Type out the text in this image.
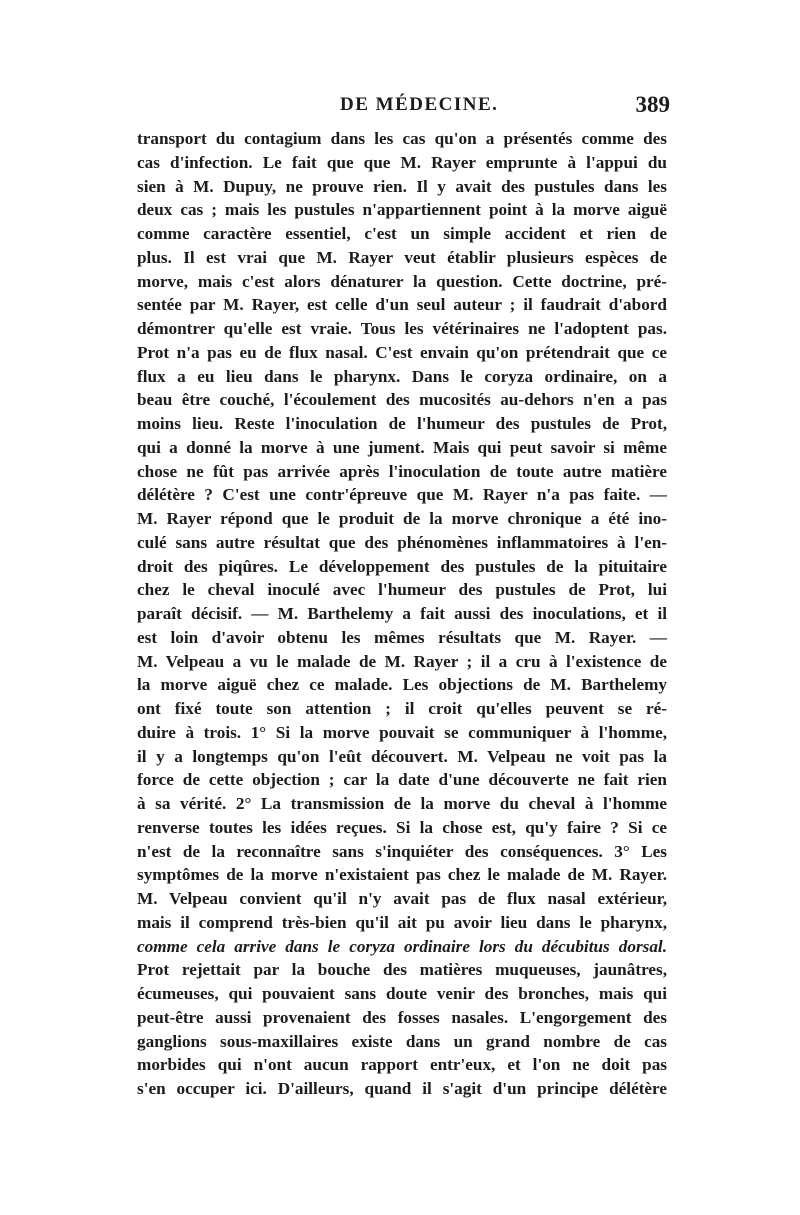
DE MÉDECINE.	389
transport du contagium dans les cas qu'on a présentés comme des
cas d'infection. Le fait que que M. Rayer emprunte à l'appui du
sien à M. Dupuy, ne prouve rien. Il y avait des pustules dans les
deux cas ; mais les pustules n'appartiennent point à la morve aiguë
comme caractère essentiel, c'est un simple accident et rien de
plus. Il est vrai que M. Rayer veut établir plusieurs espèces de
morve, mais c'est alors dénaturer la question. Cette doctrine, pré-
sentée par M. Rayer, est celle d'un seul auteur ; il faudrait d'abord
démontrer qu'elle est vraie. Tous les vétérinaires ne l'adoptent pas.
Prot n'a pas eu de flux nasal. C'est envain qu'on prétendrait que ce
flux a eu lieu dans le pharynx. Dans le coryza ordinaire, on a
beau être couché, l'écoulement des mucosités au-dehors n'en a pas
moins lieu. Reste l'inoculation de l'humeur des pustules de Prot,
qui a donné la morve à une jument. Mais qui peut savoir si même
chose ne fût pas arrivée après l'inoculation de toute autre matière
délétère ? C'est une contr'épreuve que M. Rayer n'a pas faite. —
M. Rayer répond que le produit de la morve chronique a été ino-
culé sans autre résultat que des phénomènes inflammatoires à l'en-
droit des piqûres. Le développement des pustules de la pituitaire
chez le cheval inoculé avec l'humeur des pustules de Prot, lui
paraît décisif. — M. Barthelemy a fait aussi des inoculations, et il
est loin d'avoir obtenu les mêmes résultats que M. Rayer. —
M. Velpeau a vu le malade de M. Rayer ; il a cru à l'existence de
la morve aiguë chez ce malade. Les objections de M. Barthelemy
ont fixé toute son attention ; il croit qu'elles peuvent se ré-
duire à trois. 1° Si la morve pouvait se communiquer à l'homme,
il y a longtemps qu'on l'eût découvert. M. Velpeau ne voit pas la
force de cette objection ; car la date d'une découverte ne fait rien
à sa vérité. 2° La transmission de la morve du cheval à l'homme
renverse toutes les idées reçues. Si la chose est, qu'y faire ? Si ce
n'est de la reconnaître sans s'inquiéter des conséquences. 3° Les
symptômes de la morve n'existaient pas chez le malade de M. Rayer.
M. Velpeau convient qu'il n'y avait pas de flux nasal extérieur,
mais il comprend très-bien qu'il ait pu avoir lieu dans le pharynx,
comme cela arrive dans le coryza ordinaire lors du décubitus dorsal.
Prot rejettait par la bouche des matières muqueuses, jaunâtres,
écumeuses, qui pouvaient sans doute venir des bronches, mais qui
peut-être aussi provenaient des fosses nasales. L'engorgement des
ganglions sous-maxillaires existe dans un grand nombre de cas
morbides qui n'ont aucun rapport entr'eux, et l'on ne doit pas
s'en occuper ici. D'ailleurs, quand il s'agit d'un principe délétère
